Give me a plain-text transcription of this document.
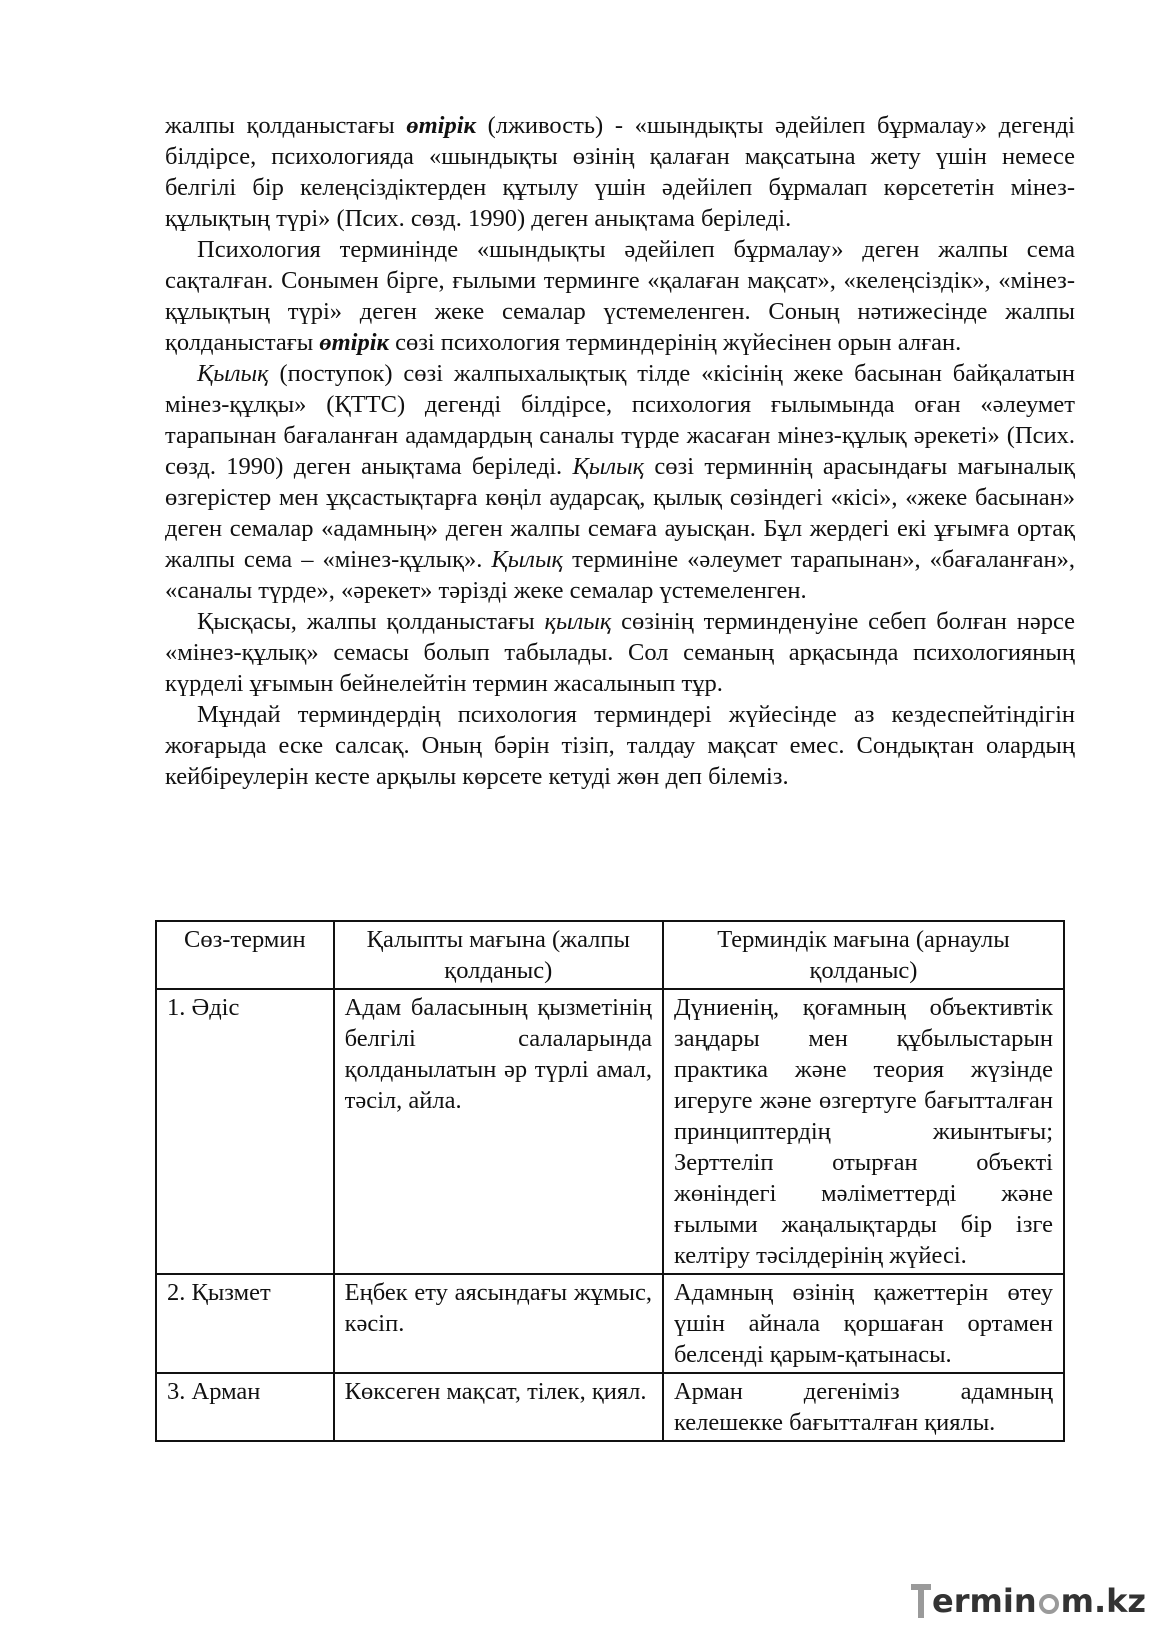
жалпы қолданыстағы өтірік (лживость) - «шындықты әдейілеп бұрмалау» дегенді білдірсе, психологияда «шындықты өзінің қалаған мақсатына жету үшін немесе белгілі бір келеңсіздіктерден құтылу үшін әдейілеп бұрмалап көрсететін мінез-құлықтың түрі» (Псих. сөзд. 1990) деген анықтама беріледі.

Психология терминінде «шындықты әдейілеп бұрмалау» деген жалпы сема сақталған. Сонымен бірге, ғылыми терминге «қалаған мақсат», «келеңсіздік», «мінез-құлықтың түрі» деген жеке семалар үстемеленген. Соның нәтижесінде жалпы қолданыстағы өтірік сөзі психология терминдерінің жүйесінен орын алған.

Қылық (поступок) сөзі жалпыхалықтық тілде «кісінің жеке басынан байқалатын мінез-құлқы» (ҚТТС) дегенді білдірсе, психология ғылымында оған «әлеумет тарапынан бағаланған адамдардың саналы түрде жасаған мінез-құлық әрекеті» (Псих. сөзд. 1990) деген анықтама беріледі. Қылық сөзі терминнің арасындағы мағыналық өзгерістер мен ұқсастықтарға көңіл аударсақ, қылық сөзіндегі «кісі», «жеке басынан» деген семалар «адамның» деген жалпы семаға ауысқан. Бұл жердегі екі ұғымға ортақ жалпы сема – «мінез-құлық». Қылық терминіне «әлеумет тарапынан», «бағаланған», «саналы түрде», «әрекет» тәрізді жеке семалар үстемеленген.

Қысқасы, жалпы қолданыстағы қылық сөзінің терминденуіне себеп болған нәрсе «мінез-құлық» семасы болып табылады. Сол семаның арқасында психологияның күрделі ұғымын бейнелейтін термин жасалынып тұр.

Мұндай терминдердің психология терминдері жүйесінде аз кездеспейтіндігін жоғарыда еске салсақ. Оның бәрін тізіп, талдау мақсат емес. Сондықтан олардың кейбіреулерін кесте арқылы көрсете кетуді жөн деп білеміз.

Сөз-термин	Қалыпты мағына (жалпы қолданыс)	Терминдік мағына (арнаулы қолданыс)
1. Әдіс	Адам баласының қызметінің белгілі салаларында қолданылатын әр түрлі амал, тәсіл, айла.	Дүниенің, қоғамның объективтік заңдары мен құбылыстарын практика және теория жүзінде игеруге және өзгертуге бағытталған принциптердің жиынтығы; Зерттеліп отырған объекті жөніндегі мәліметтерді және ғылыми жаңалықтарды бір ізге келтіру тәсілдерінің жүйесі.
2. Қызмет	Еңбек ету аясындағы жұмыс, кәсіп.	Адамның өзінің қажеттерін өтеу үшін айнала қоршаған ортамен белсенді қарым-қатынасы.
3. Арман	Көксеген мақсат, тілек, қиял.	Арман дегеніміз адамның келешекке бағытталған қиялы.
ermin m.kz
